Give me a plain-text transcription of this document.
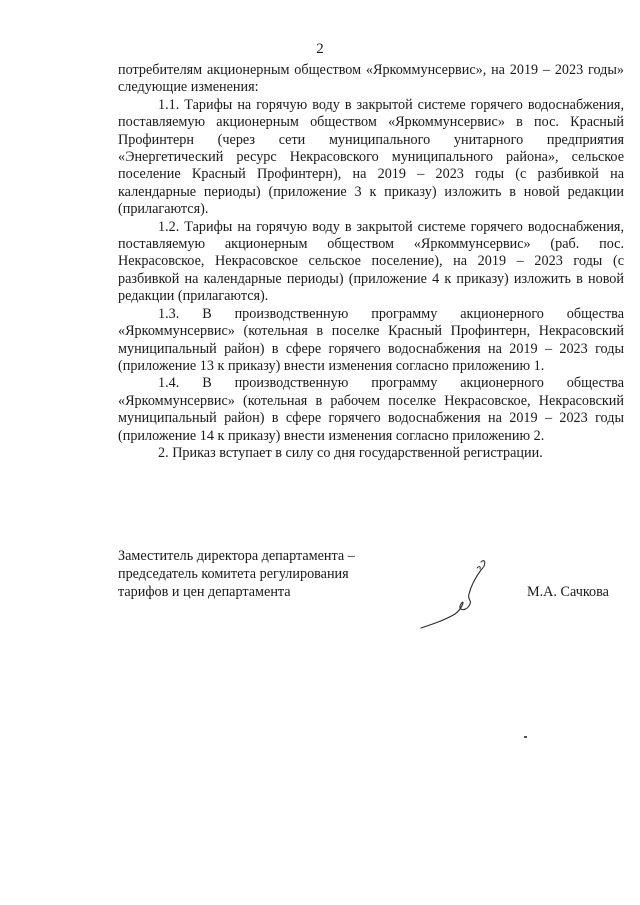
2

потребителям акционерным обществом «Яркоммунсервис», на 2019 – 2023 годы» следующие изменения:

1.1. Тарифы на горячую воду в закрытой системе горячего водоснабжения, поставляемую акционерным обществом «Яркоммунсервис» в пос. Красный Профинтерн (через сети муниципального унитарного предприятия «Энергетический ресурс Некрасовского муниципального района», сельское поселение Красный Профинтерн), на 2019 – 2023 годы (с разбивкой на календарные периоды) (приложение 3 к приказу) изложить в новой редакции (прилагаются).

1.2. Тарифы на горячую воду в закрытой системе горячего водоснабжения, поставляемую акционерным обществом «Яркоммунсервис» (раб. пос. Некрасовское, Некрасовское сельское поселение), на 2019 – 2023 годы (с разбивкой на календарные периоды) (приложение 4 к приказу) изложить в новой редакции (прилагаются).

1.3. В производственную программу акционерного общества «Яркоммунсервис» (котельная в поселке Красный Профинтерн, Некрасовский муниципальный район) в сфере горячего водоснабжения на 2019 – 2023 годы (приложение 13 к приказу) внести изменения согласно приложению 1.

1.4. В производственную программу акционерного общества «Яркоммунсервис» (котельная в рабочем поселке Некрасовское, Некрасовский муниципальный район) в сфере горячего водоснабжения на 2019 – 2023 годы (приложение 14 к приказу) внести изменения согласно приложению 2.

2. Приказ вступает в силу со дня государственной регистрации.

Заместитель директора департамента –
председатель комитета регулирования
тарифов и цен департамента	М.А. Сачкова
